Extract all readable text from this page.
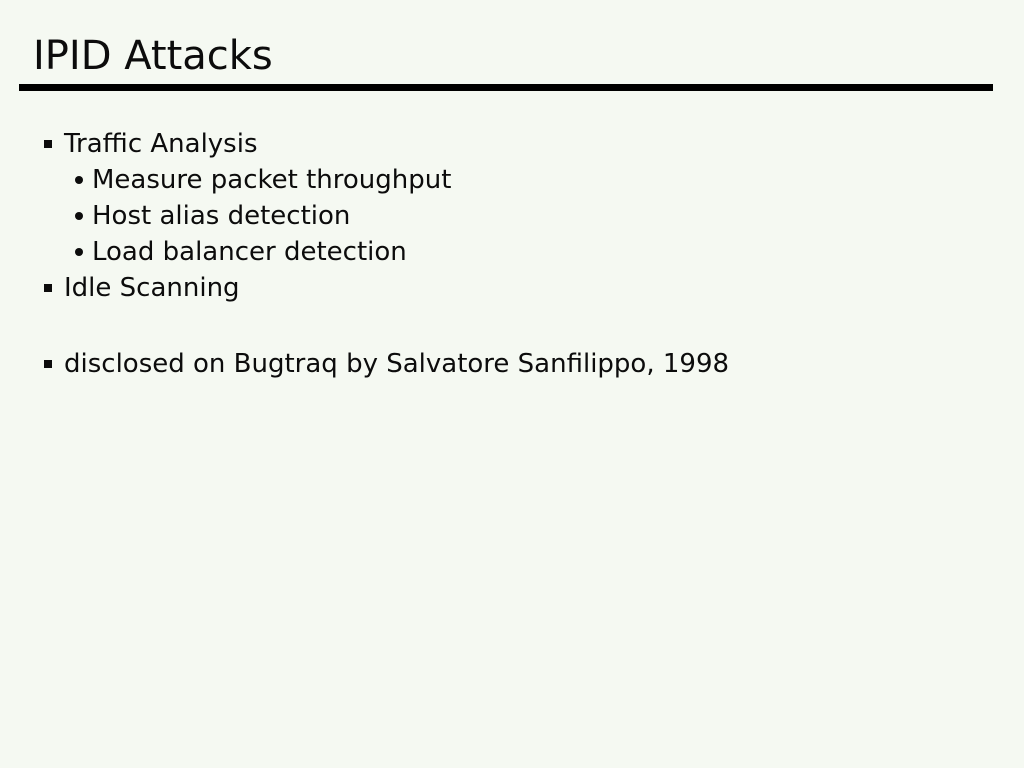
IPID Attacks
Traffic Analysis
Measure packet throughput
Host alias detection
Load balancer detection
Idle Scanning
disclosed on Bugtraq by Salvatore Sanfilippo, 1998
